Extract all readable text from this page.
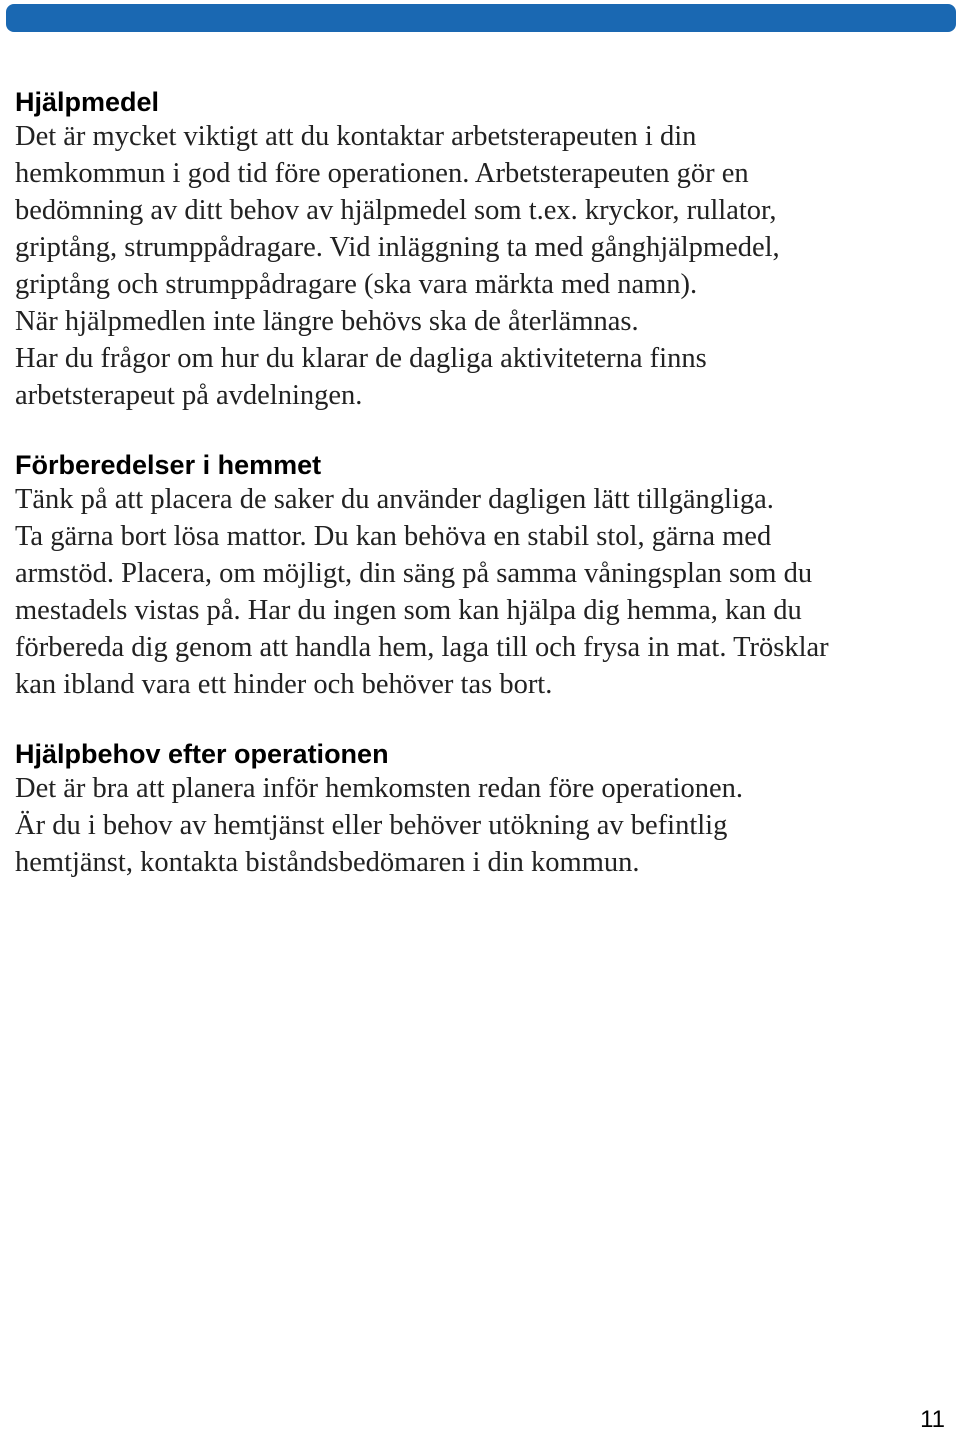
Hjälpmedel

Det är mycket viktigt att du kontaktar arbetsterapeuten i din

hemkommun i god tid före operationen. Arbetsterapeuten gör en

bedömning av ditt behov av hjälpmedel som t.ex. kryckor, rullator,

griptång, strumppådragare. Vid inläggning ta med gånghjälpmedel,

griptång och strumppådragare (ska vara märkta med namn).

När hjälpmedlen inte längre behövs ska de återlämnas.

Har du frågor om hur du klarar de dagliga aktiviteterna finns

arbetsterapeut på avdelningen.

Förberedelser i hemmet

Tänk på att placera de saker du använder dagligen lätt tillgängliga.

Ta gärna bort lösa mattor. Du kan behöva en stabil stol, gärna med

armstöd. Placera, om möjligt, din säng på samma våningsplan som du

mestadels vistas på. Har du ingen som kan hjälpa dig hemma, kan du

förbereda dig genom att handla hem, laga till och frysa in mat. Trösklar

kan ibland vara ett hinder och behöver tas bort.

Hjälpbehov efter operationen

Det är bra att planera inför hemkomsten redan före operationen.

Är du i behov av hemtjänst eller behöver utökning av befintlig

hemtjänst, kontakta biståndsbedömaren i din kommun.

11
